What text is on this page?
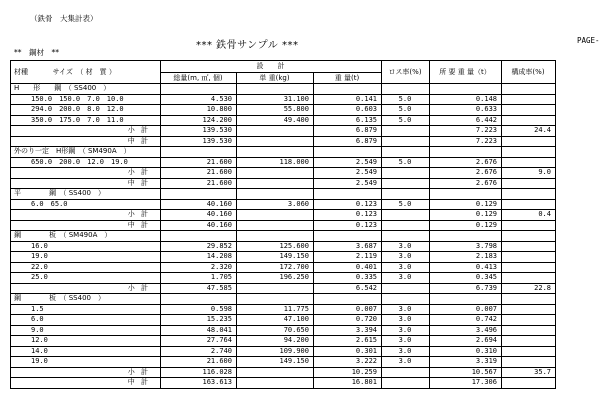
（鉄骨　大集計表）
*** 鉄骨サンプル ***	PAGE-
**　鋼材　**
材種 サイズ　（ 材　質 ）	設　　計			ロス率(%)	所 要 重 量（t）	構成率(%)	
	総量(m, ㎡, 個)	単 重(kg)	重 量(t)				
H　　形　　鋼　（ SS400　）							
150.0　150.0　7.0　10.0	4.530	31.100	0.141	5.0	0.148		
294.0　200.0　8.0　12.0	10.800	55.800	0.603	5.0	0.633		
350.0　175.0　7.0　11.0	124.200	49.400	6.135	5.0	6.442		
小 計	139.530		6.879		7.223	24.4	
中 計	139.530		6.879		7.223		
外のり一定　H形鋼　（ SM490A　）							
650.0　200.0　12.0　19.0	21.600	118.000	2.549	5.0	2.676		
小 計	21.600		2.549		2.676	9.0	
中 計	21.600		2.549		2.676		
平　　　　鋼　（ SS400　）							
6.0　65.0	40.160	3.060	0.123	5.0	0.129		
小 計	40.160		0.123		0.129	0.4	
中 計	40.160		0.123		0.129		
鋼　　　　板　（ SM490A　）							
16.0	29.852	125.600	3.687	3.0	3.798		
19.0	14.208	149.150	2.119	3.0	2.183		
22.0	2.320	172.700	0.401	3.0	0.413		
25.0	1.705	196.250	0.335	3.0	0.345		
小 計	47.585		6.542		6.739	22.8	
鋼　　　　板　（ SS400　）							
1.5	0.598	11.775	0.007	3.0	0.007		
6.0	15.235	47.100	0.720	3.0	0.742		
9.0	48.041	70.650	3.394	3.0	3.496		
12.0	27.764	94.200	2.615	3.0	2.694		
14.0	2.740	109.900	0.301	3.0	0.310		
19.0	21.600	149.150	3.222	3.0	3.319		
小 計	116.028		10.259		10.567	35.7	
中 計	163.613		16.801		17.306		
